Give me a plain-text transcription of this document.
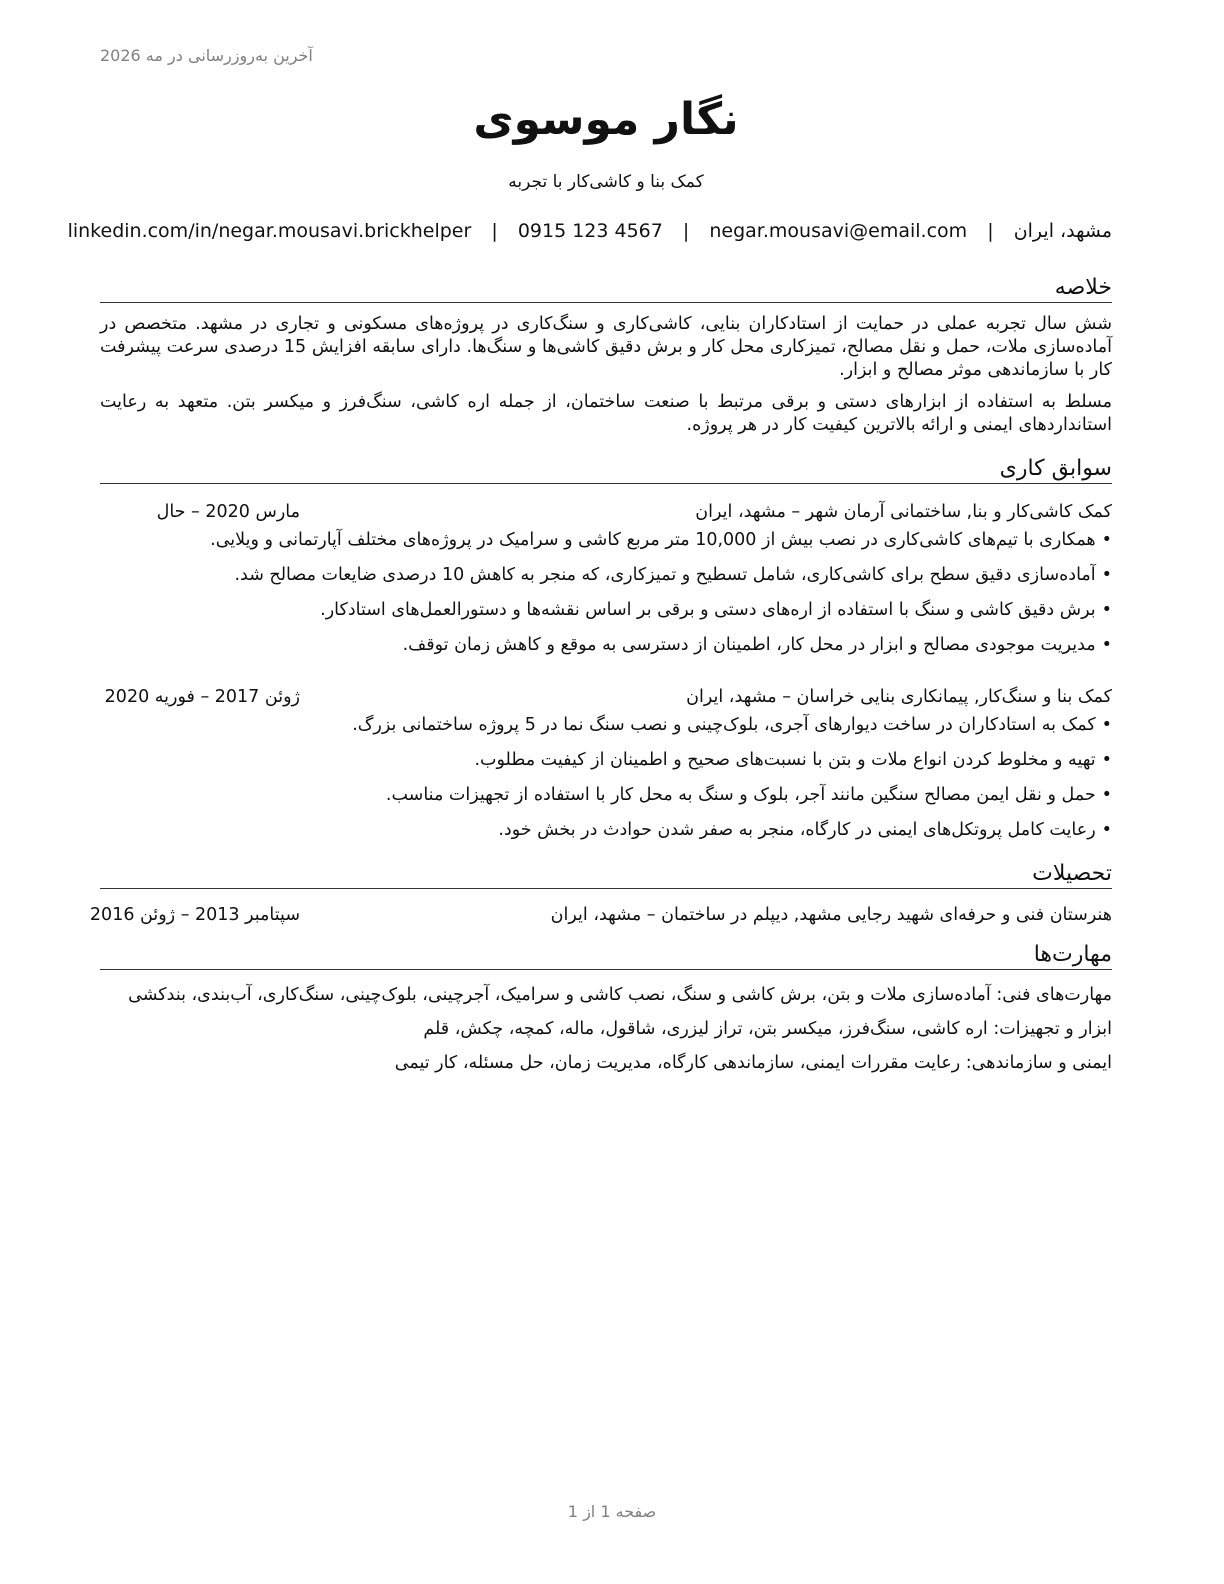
آخرین به‌روزرسانی در مه 2026
نگار موسوی
کمک بنا و کاشی‌کار با تجربه
مشهد، ایران | negar.mousavi@email.com | 0915 123 4567 | linkedin.com/in/negar.mousavi.brickhelper
خلاصه
شش سال تجربه عملی در حمایت از استادکاران بنایی، کاشی‌کاری و سنگ‌کاری در پروژه‌های مسکونی و تجاری در مشهد. متخصص در آماده‌سازی ملات، حمل و نقل مصالح، تمیزکاری محل کار و برش دقیق کاشی‌ها و سنگ‌ها. دارای سابقه افزایش 15 درصدی سرعت پیشرفت کار با سازماندهی موثر مصالح و ابزار.
مسلط به استفاده از ابزارهای دستی و برقی مرتبط با صنعت ساختمان، از جمله اره کاشی، سنگ‌فرز و میکسر بتن. متعهد به رعایت استانداردهای ایمنی و ارائه بالاترین کیفیت کار در هر پروژه.
سوابق کاری
کمک کاشی‌کار و بنا, ساختمانی آرمان شهر – مشهد، ایران
مارس 2020 – حال
•همکاری با تیم‌های کاشی‌کاری در نصب بیش از 10,000 متر مربع کاشی و سرامیک در پروژه‌های مختلف آپارتمانی و ویلایی.
•آماده‌سازی دقیق سطح برای کاشی‌کاری، شامل تسطیح و تمیزکاری، که منجر به کاهش 10 درصدی ضایعات مصالح شد.
•برش دقیق کاشی و سنگ با استفاده از اره‌های دستی و برقی بر اساس نقشه‌ها و دستورالعمل‌های استادکار.
•مدیریت موجودی مصالح و ابزار در محل کار، اطمینان از دسترسی به موقع و کاهش زمان توقف.
کمک بنا و سنگ‌کار, پیمانکاری بنایی خراسان – مشهد، ایران
ژوئن 2017 – فوریه 2020
•کمک به استادکاران در ساخت دیوارهای آجری، بلوک‌چینی و نصب سنگ نما در 5 پروژه ساختمانی بزرگ.
•تهیه و مخلوط کردن انواع ملات و بتن با نسبت‌های صحیح و اطمینان از کیفیت مطلوب.
•حمل و نقل ایمن مصالح سنگین مانند آجر، بلوک و سنگ به محل کار با استفاده از تجهیزات مناسب.
•رعایت کامل پروتکل‌های ایمنی در کارگاه، منجر به صفر شدن حوادث در بخش خود.
تحصیلات
هنرستان فنی و حرفه‌ای شهید رجایی مشهد, دیپلم در ساختمان – مشهد، ایران
سپتامبر 2013 – ژوئن 2016
مهارت‌ها
مهارت‌های فنی: آماده‌سازی ملات و بتن، برش کاشی و سنگ، نصب کاشی و سرامیک، آجرچینی، بلوک‌چینی، سنگ‌کاری، آب‌بندی، بندکشی
ابزار و تجهیزات: اره کاشی، سنگ‌فرز، میکسر بتن، تراز لیزری، شاقول، ماله، کمچه، چکش، قلم
ایمنی و سازماندهی: رعایت مقررات ایمنی، سازماندهی کارگاه، مدیریت زمان، حل مسئله، کار تیمی
صفحه 1 از 1
